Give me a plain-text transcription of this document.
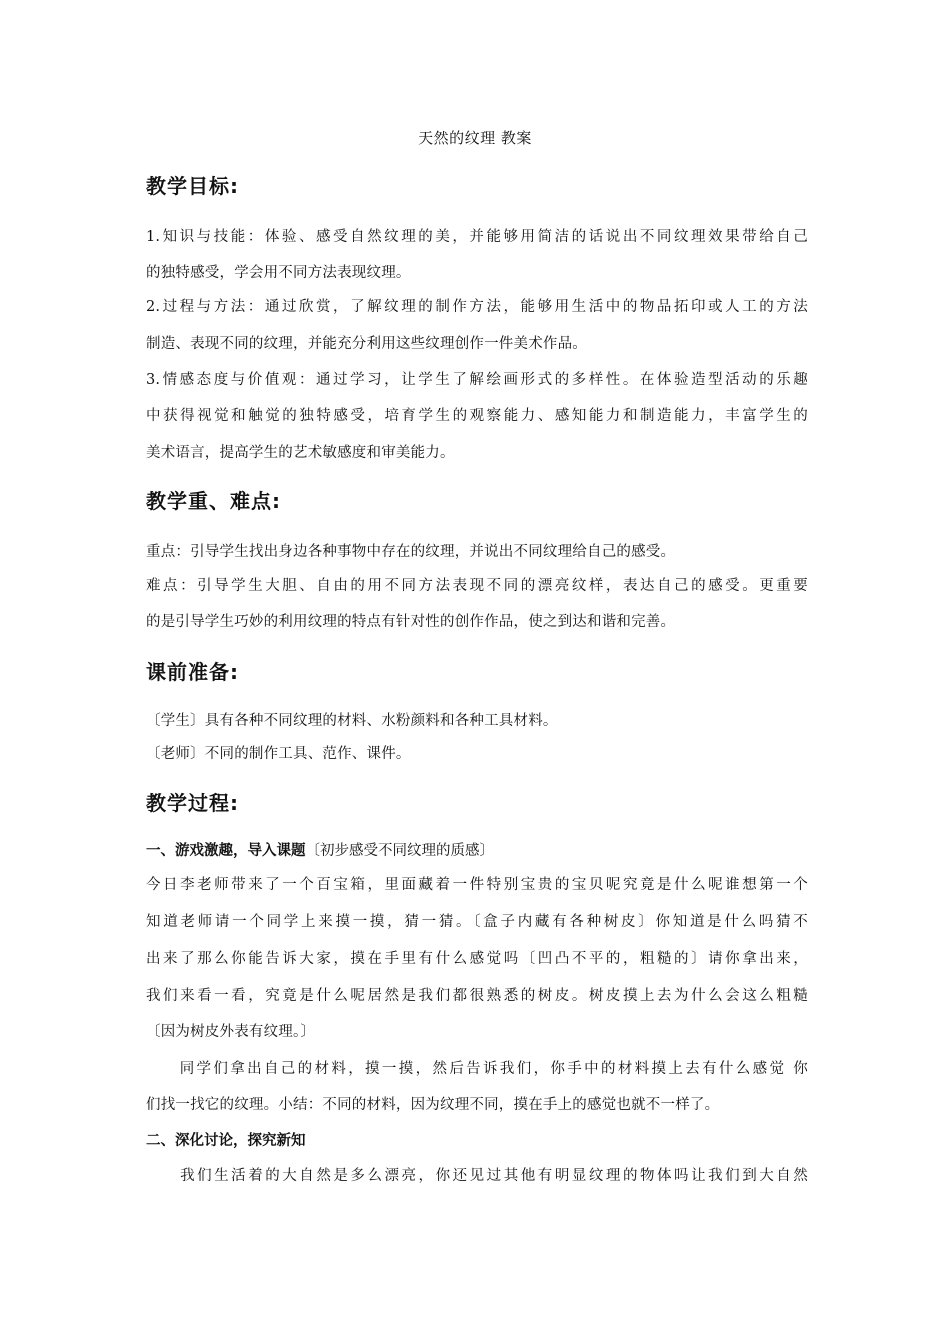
天然的纹理 教案
教学目标:
1.知识与技能：体验、感受自然纹理的美，并能够用简洁的话说出不同纹理效果带给自己
的独特感受，学会用不同方法表现纹理。
2.过程与方法：通过欣赏，了解纹理的制作方法，能够用生活中的物品拓印或人工的方法
制造、表现不同的纹理，并能充分利用这些纹理创作一件美术作品。
3.情感态度与价值观：通过学习，让学生了解绘画形式的多样性。在体验造型活动的乐趣
中获得视觉和触觉的独特感受，培育学生的观察能力、感知能力和制造能力，丰富学生的
美术语言，提高学生的艺术敏感度和审美能力。
教学重、难点:
重点：引导学生找出身边各种事物中存在的纹理，并说出不同纹理给自己的感受。
难点：引导学生大胆、自由的用不同方法表现不同的漂亮纹样，表达自己的感受。更重要
的是引导学生巧妙的利用纹理的特点有针对性的创作作品，使之到达和谐和完善。
课前准备:
〔学生〕具有各种不同纹理的材料、水粉颜料和各种工具材料。
〔老师〕不同的制作工具、范作、课件。
教学过程:
一、游戏激趣，导入课题〔初步感受不同纹理的质感〕
今日李老师带来了一个百宝箱，里面藏着一件特别宝贵的宝贝呢究竟是什么呢谁想第一个
知道老师请一个同学上来摸一摸，猜一猜。〔盒子内藏有各种树皮〕你知道是什么吗猜不
出来了那么你能告诉大家，摸在手里有什么感觉吗〔凹凸不平的，粗糙的〕请你拿出来，
我们来看一看，究竟是什么呢居然是我们都很熟悉的树皮。树皮摸上去为什么会这么粗糙
〔因为树皮外表有纹理。〕
　　同学们拿出自己的材料，摸一摸，然后告诉我们，你手中的材料摸上去有什么感觉 你
们找一找它的纹理。小结：不同的材料，因为纹理不同，摸在手上的感觉也就不一样了。
二、深化讨论，探究新知
　　我们生活着的大自然是多么漂亮，你还见过其他有明显纹理的物体吗让我们到大自然
